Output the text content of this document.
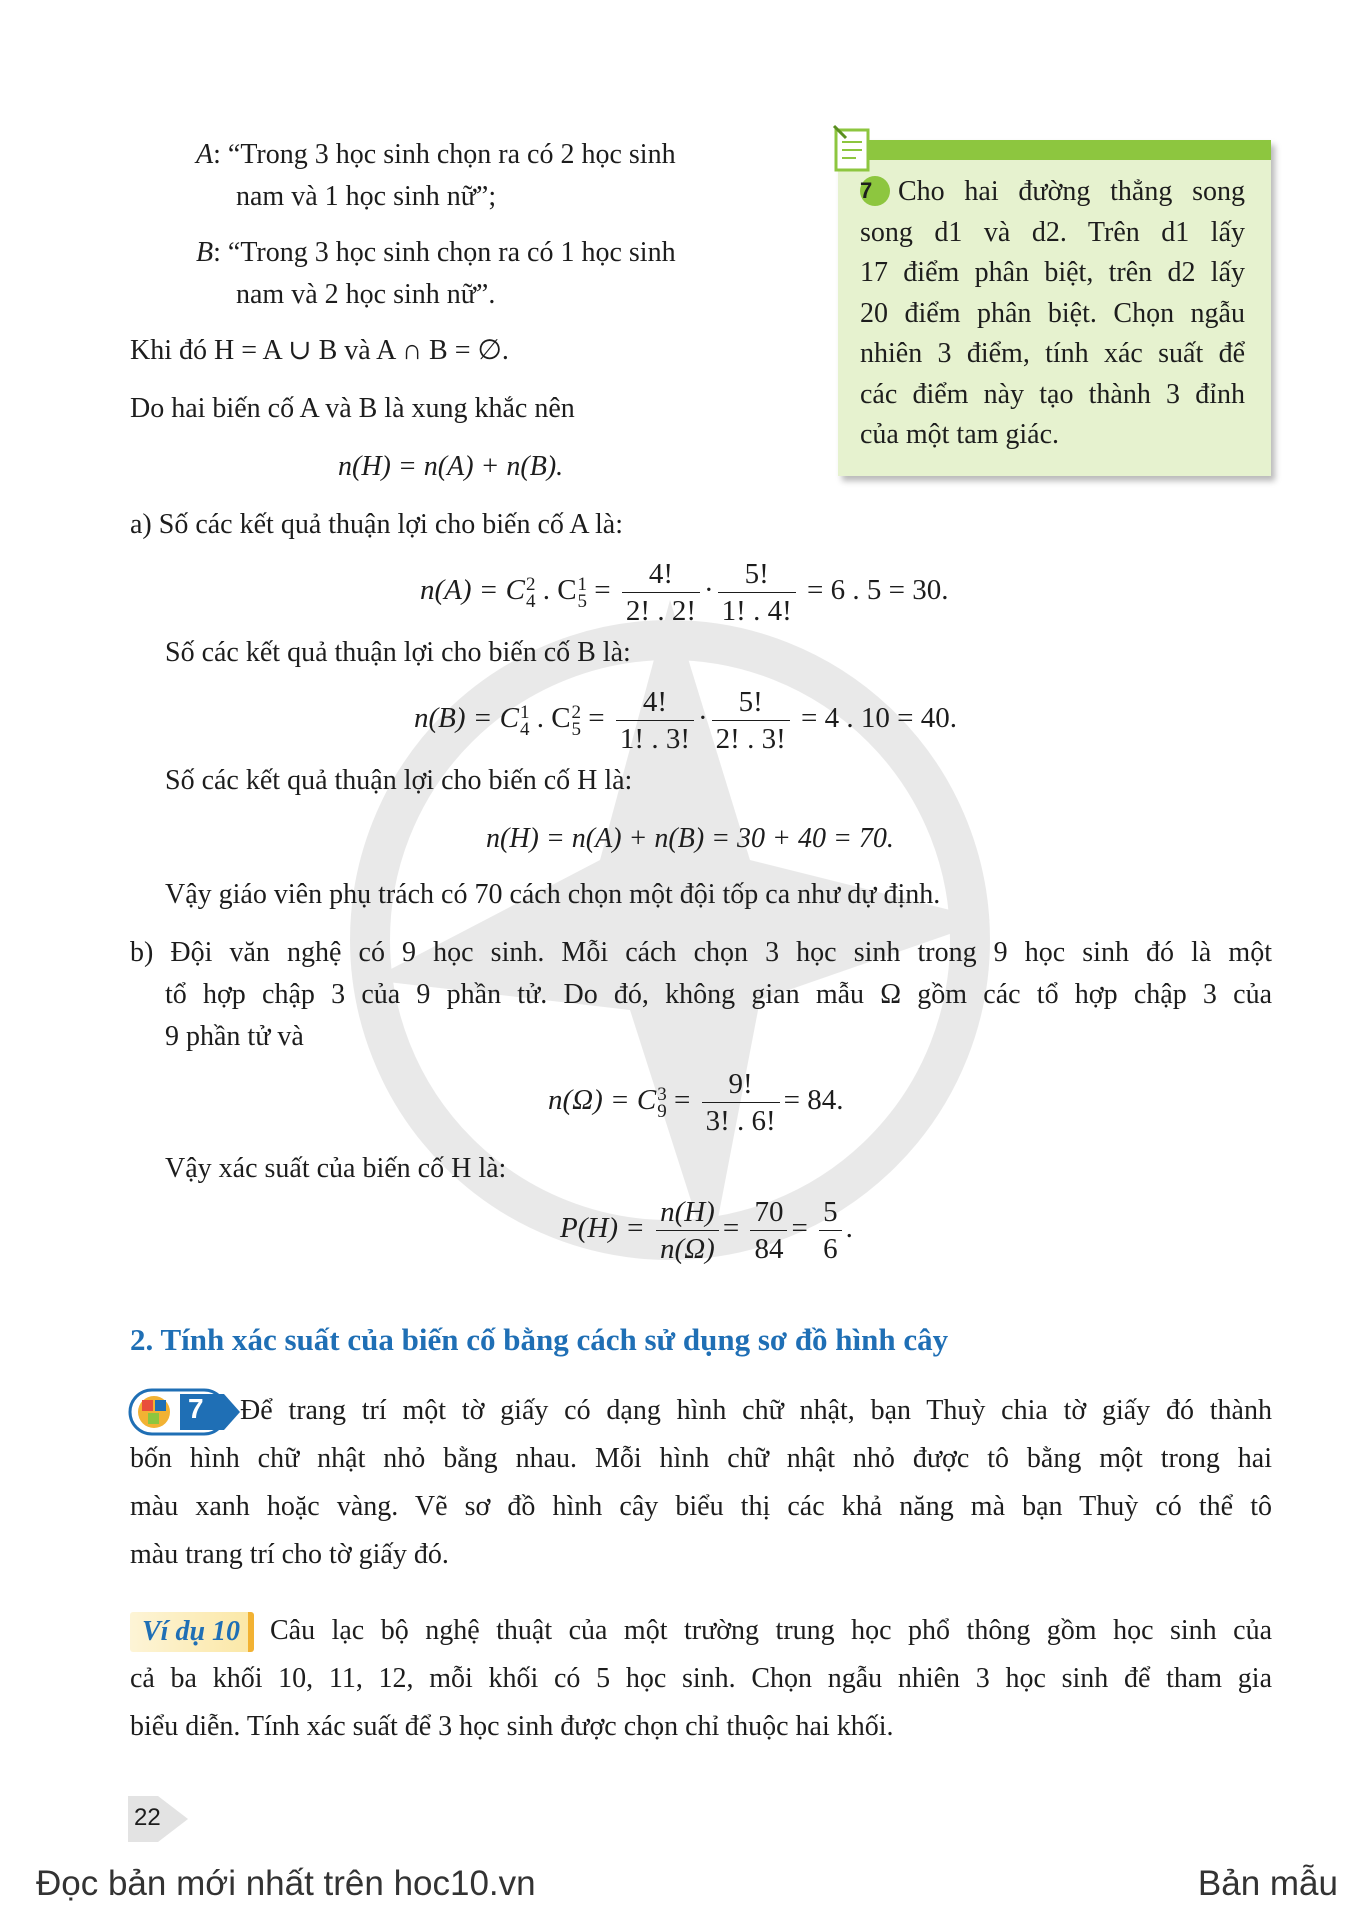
A: “Trong 3 học sinh chọn ra có 2 học sinh
nam và 1 học sinh nữ”;
B: “Trong 3 học sinh chọn ra có 1 học sinh
nam và 2 học sinh nữ”.
Khi đó H = A ∪ B và A ∩ B = ∅.
Do hai biến cố A và B là xung khắc nên
n(H) = n(A) + n(B).
a) Số các kết quả thuận lợi cho biến cố A là:
n(A) = C 2
4 . C 1
$5 = \frac{4!}{2! . 2!} \cdot \frac{5!}{1! . 4!} = 6$ . 5 = 30.
Số các kết quả thuận lợi cho biến cố B là:
n(B) = C 1
4 . C 2
$5 = \frac{4!}{1! . 3!} \cdot \frac{5!}{2! . 3!} = 4$ . 10 = 40.
Số các kết quả thuận lợi cho biến cố H là:
n(H) = n(A) + n(B) = 30 + 40 = 70.
Vậy giáo viên phụ trách có 70 cách chọn một đội tốp ca như dự định.
b) Đội văn nghệ có 9 học sinh. Mỗi cách chọn 3 học sinh trong 9 học sinh đó là một
tổ hợp chập 3 của 9 phần tử. Do đó, không gian mẫu Ω gồm các tổ hợp chập 3 của
9 phần tử và
n(Ω) = C 3
$9 = \frac{9!}{3! . 6!} = 84$.
Vậy xác suất của biến cố H là:
$P(H) = \frac{n(H)}{n(\Omega)} = \frac{70}{84} = \frac{5}{6}$ .
7 Cho hai đường thẳng song
song d1 và d2. Trên d1 lấy
17 điểm phân biệt, trên d2 lấy
20 điểm phân biệt. Chọn ngẫu
nhiên 3 điểm, tính xác suất để
các điểm này tạo thành 3 đỉnh
của một tam giác.
2. Tính xác suất của biến cố bằng cách sử dụng sơ đồ hình cây
7 Để trang trí một tờ giấy có dạng hình chữ nhật, bạn Thuỳ chia tờ giấy đó thành
bốn hình chữ nhật nhỏ bằng nhau. Mỗi hình chữ nhật nhỏ được tô bằng một trong hai
màu xanh hoặc vàng. Vẽ sơ đồ hình cây biểu thị các khả năng mà bạn Thuỳ có thể tô
màu trang trí cho tờ giấy đó.
Ví dụ 10	Câu lạc bộ nghệ thuật của một trường trung học phổ thông gồm học sinh của
cả ba khối 10, 11, 12, mỗi khối có 5 học sinh. Chọn ngẫu nhiên 3 học sinh để tham gia
biểu diễn. Tính xác suất để 3 học sinh được chọn chỉ thuộc hai khối.
22
Đọc bản mới nhất trên hoc10.vn	Bản mẫu
